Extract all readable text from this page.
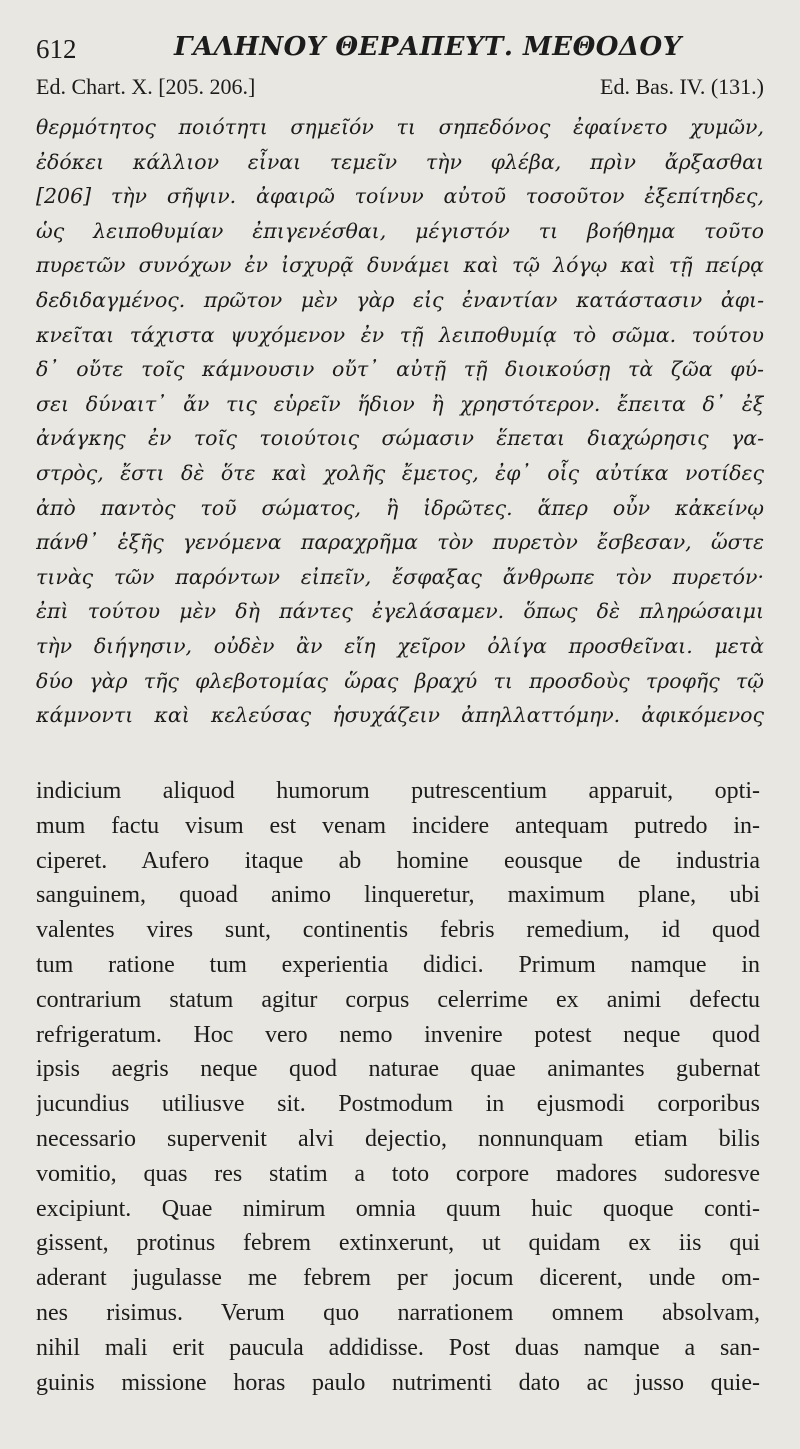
612	ΓΑΛΗΝΟΥ ΘΕΡΑΠΕΥΤ. ΜΕΘΟΔΟΥ
Ed. Chart. X. [205. 206.]	Ed. Bas. IV. (131.)
θερμότητος ποιότητι σημεῖόν τι σηπεδόνος ἐφαίνετο χυμῶν,
ἐδόκει κάλλιον εἶναι τεμεῖν τὴν φλέβα, πρὶν ἄρξασθαι
[206] τὴν σῆψιν. ἀφαιρῶ τοίνυν αὐτοῦ τοσοῦτον ἐξεπίτηδες,
ὡς λειποθυμίαν ἐπιγενέσθαι, μέγιστόν τι βοήθημα τοῦτο
πυρετῶν συνόχων ἐν ἰσχυρᾷ δυνάμει καὶ τῷ λόγῳ καὶ τῇ πείρᾳ
δεδιδαγμένος. πρῶτον μὲν γὰρ εἰς ἐναντίαν κατάστασιν ἀφι-
κνεῖται τάχιστα ψυχόμενον ἐν τῇ λειποθυμίᾳ τὸ σῶμα. τούτου
δ᾽ οὔτε τοῖς κάμνουσιν οὔτ᾽ αὐτῇ τῇ διοικούσῃ τὰ ζῶα φύ-
σει δύναιτ᾽ ἄν τις εὑρεῖν ἥδιον ἢ χρηστότερον. ἔπειτα δ᾽ ἐξ
ἀνάγκης ἐν τοῖς τοιούτοις σώμασιν ἕπεται διαχώρησις γα-
στρὸς, ἔστι δὲ ὅτε καὶ χολῆς ἔμετος, ἐφ᾽ οἷς αὐτίκα νοτίδες
ἀπὸ παντὸς τοῦ σώματος, ἢ ἱδρῶτες. ἅπερ οὖν κἀκείνῳ
πάνθ᾽ ἑξῆς γενόμενα παραχρῆμα τὸν πυρετὸν ἔσβεσαν, ὥστε
τινὰς τῶν παρόντων εἰπεῖν, ἔσφαξας ἄνθρωπε τὸν πυρετόν·
ἐπὶ τούτου μὲν δὴ πάντες ἐγελάσαμεν. ὅπως δὲ πληρώσαιμι
τὴν διήγησιν, οὐδὲν ἂν εἴη χεῖρον ὀλίγα προσθεῖναι. μετὰ
δύο γὰρ τῆς φλεβοτομίας ὥρας βραχύ τι προσδοὺς τροφῆς τῷ
κάμνοντι καὶ κελεύσας ἡσυχάζειν ἀπηλλαττόμην. ἀφικόμενος
indicium aliquod humorum putrescentium apparuit, opti-
mum factu visum est venam incidere antequam putredo in-
ciperet. Aufero itaque ab homine eousque de industria
sanguinem, quoad animo linqueretur, maximum plane, ubi
valentes vires sunt, continentis febris remedium, id quod
tum ratione tum experientia didici. Primum namque in
contrarium statum agitur corpus celerrime ex animi defectu
refrigeratum. Hoc vero nemo invenire potest neque quod
ipsis aegris neque quod naturae quae animantes gubernat
jucundius utiliusve sit. Postmodum in ejusmodi corporibus
necessario supervenit alvi dejectio, nonnunquam etiam bilis
vomitio, quas res statim a toto corpore madores sudoresve
excipiunt. Quae nimirum omnia quum huic quoque conti-
gissent, protinus febrem extinxerunt, ut quidam ex iis qui
aderant jugulasse me febrem per jocum dicerent, unde om-
nes risimus. Verum quo narrationem omnem absolvam,
nihil mali erit paucula addidisse. Post duas namque a san-
guinis missione horas paulo nutrimenti dato ac jusso quie-
